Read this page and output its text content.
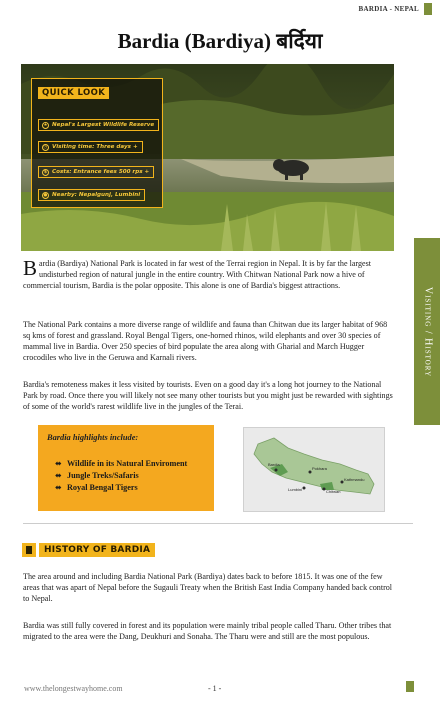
BARDIA - NEPAL
Bardia (Bardiya) बर्दिया
QUICK LOOK
★ Nepal's Largest Wildlife Reserve
◷ Visiting time: Three days +
$ Costs: Entrance fees 500 rps +
● Nearby: Nepalgunj, Lumbini
Visiting / History

Bardia (Bardiya) National Park is located in far west of the Terrai region in Nepal. It is by far the largest undisturbed region of natural jungle in the entire country. With Chitwan National Park now a hive of commercial tourism, Bardia is the polar opposite. This alone is one of Bardia's biggest attractions.

The National Park contains a more diverse range of wildlife and fauna than Chitwan due its larger habitat of 968 sq kms of forest and grassland. Royal Bengal Tigers, one-horned rhinos, wild elephants and over 30 species of mammal live in Bardia. Over 250 species of bird populate the area along with Gharial and March Hugger crocodiles who live in the Geruwa and Karnali rivers.

Bardia's remoteness makes it less visited by tourists. Even on a good day it's a long hot journey to the National Park by road. Once there you will likely not see many other tourists but you might just be rewarded with sightings of some of the world's rarest wildlife live in the jungles of the Terai.

Bardia highlights include:
⬌ Wildlife in its Natural Enviroment
⬌ Jungle Treks/Safaris
⬌ Royal Bengal Tigers
Bardia
Pokhara
Kathmandu
Lumbini	Chitwan
HISTORY OF BARDIA

The area around and including Bardia National Park (Bardiya) dates back to before 1815. It was one of the few areas that was apart of Nepal before the Sugauli Treaty when the British East India Company handed back control to Nepal.

Bardia was still fully covered in forest and its population were mainly tribal people called Tharu. Other tribes that migrated to the area were the Dang, Deukhuri and Sonaha. The Tharu were and still are the most populous.

www.thelongestwayhome.com	- 1 -
